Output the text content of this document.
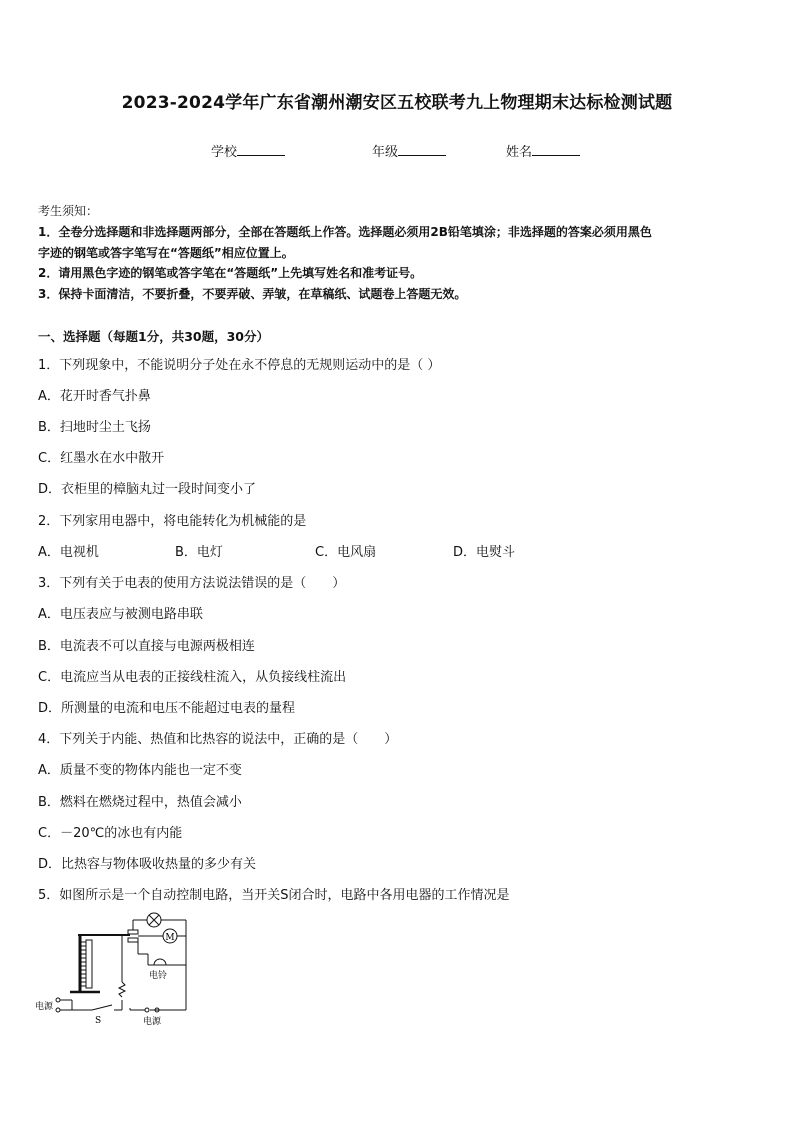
2023-2024学年广东省潮州潮安区五校联考九上物理期末达标检测试题
学校	年级	姓名
考生须知：
1．全卷分选择题和非选择题两部分，全部在答题纸上作答。选择题必须用2B铅笔填涂；非选择题的答案必须用黑色
字迹的钢笔或答字笔写在“答题纸”相应位置上。
2．请用黑色字迹的钢笔或答字笔在“答题纸”上先填写姓名和准考证号。
3．保持卡面清洁，不要折叠，不要弄破、弄皱，在草稿纸、试题卷上答题无效。
一、选择题（每题1分，共30题，30分）
1．下列现象中，不能说明分子处在永不停息的无规则运动中的是（ ）
A．花开时香气扑鼻
B．扫地时尘土飞扬
C．红墨水在水中散开
D．衣柜里的樟脑丸过一段时间变小了
2．下列家用电器中，将电能转化为机械能的是
A．电视机	B．电灯	C．电风扇	D．电熨斗
3．下列有关于电表的使用方法说法错误的是（　　）
A．电压表应与被测电路串联
B．电流表不可以直接与电源两极相连
C．电流应当从电表的正接线柱流入，从负接线柱流出
D．所测量的电流和电压不能超过电表的量程
4．下列关于内能、热值和比热容的说法中，正确的是（　　）
A．质量不变的物体内能也一定不变
B．燃料在燃烧过程中，热值会减小
C．－20℃的冰也有内能
D．比热容与物体吸收热量的多少有关
5．如图所示是一个自动控制电路，当开关S闭合时，电路中各用电器的工作情况是
M
电铃
电源
S	电源
